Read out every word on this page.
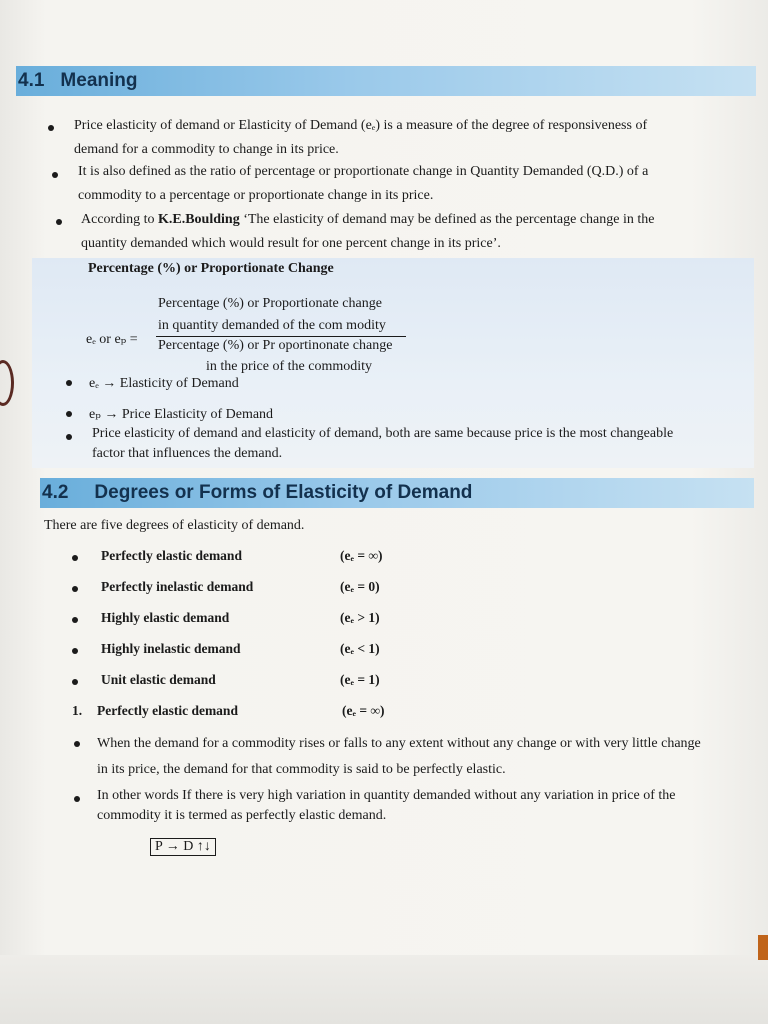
4.1 Meaning
Price elasticity of demand or Elasticity of Demand (eₑ) is a measure of the degree of responsiveness of
demand for a commodity to change in its price.
It is also defined as the ratio of percentage or proportionate change in Quantity Demanded (Q.D.) of a
commodity to a percentage or proportionate change in its price.
According to K.E.Boulding ‘The elasticity of demand may be defined as the percentage change in the
quantity demanded which would result for one percent change in its price’.
Percentage (%) or Proportionate Change
Percentage (%) or Proportionate change
in quantity demanded of the com modity
eₑ or eₚ = Percentage (%) or Pr oportinonate change
in the price of the commodity
eₑ → Elasticity of Demand
eₚ → Price Elasticity of Demand
Price elasticity of demand and elasticity of demand, both are same because price is the most changeable
factor that influences the demand.
4.2	Degrees or Forms of Elasticity of Demand
There are five degrees of elasticity of demand.
Perfectly elastic demand	(eₑ = ∞)
Perfectly inelastic demand	(eₑ = 0)
Highly elastic demand	(eₑ > 1)
Highly inelastic demand	(eₑ < 1)
Unit elastic demand	(eₑ = 1)
1. Perfectly elastic demand	(eₑ = ∞)
When the demand for a commodity rises or falls to any extent without any change or with very little change
in its price, the demand for that commodity is said to be perfectly elastic.
In other words If there is very high variation in quantity demanded without any variation in price of the
commodity it is termed as perfectly elastic demand.
P → D ↑↓
